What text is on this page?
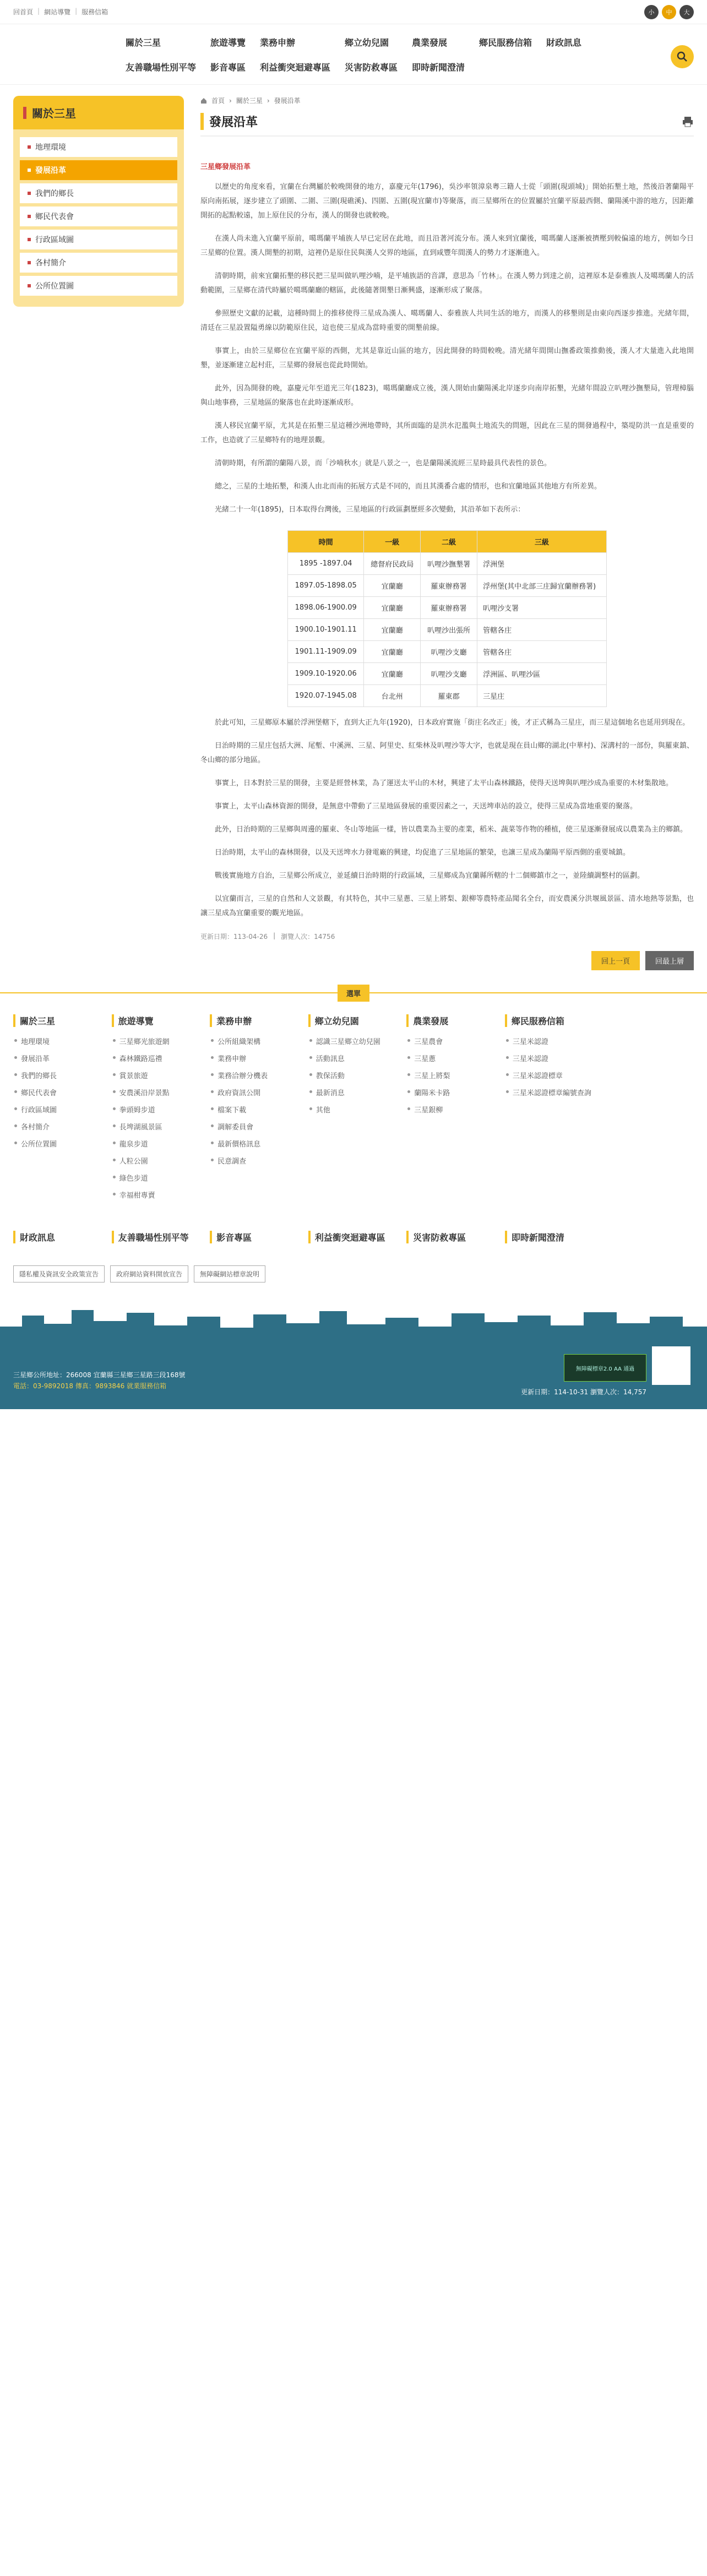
回首頁 | 網站導覽 | 服務信箱	小	中	大
關於三星	旅遊導覽 業務申辦	鄉立幼兒園	農業發展	鄉民服務信箱 財政訊息
友善職場性別平等 影音專區 利益衝突迴避專區 災害防救專區 即時新聞澄清
關於三星
地理環境
發展沿革
我們的鄉長
鄉民代表會
行政區域圖
各村簡介
公所位置圖
首頁 › 關於三星 › 發展沿革
發展沿革
三星鄉發展沿革

以歷史的角度來看，宜蘭在台灣屬於較晚開發的地方，嘉慶元年(1796)，吳沙率領漳泉粵三籍人士從「頭圍(現頭城)」開始拓墾土地，然後沿著蘭陽平原向南拓展，逐步建立了頭圍、二圍、三圍(現礁溪)、四圍、五圍(現宜蘭市)等聚落，而三星鄉所在的位置屬於宜蘭平原最西側、蘭陽溪中游的地方，因距離開拓的起點較遠，加上原住民的分布，漢人的開發也就較晚。

在漢人尚未進入宜蘭平原前，噶瑪蘭平埔族人早已定居在此地，而且沿著河流分布。漢人來到宜蘭後，噶瑪蘭人逐漸被擠壓到較偏遠的地方，例如今日三星鄉的位置。漢人開墾的初期，這裡仍是原住民與漢人交界的地區，直到咸豐年間漢人的勢力才逐漸進入。

清朝時期，前來宜蘭拓墾的移民把三星叫做叭哩沙喃，是平埔族語的音譯，意思為「竹林」。在漢人勢力到達之前，這裡原本是泰雅族人及噶瑪蘭人的活動範圍，三星鄉在清代時屬於噶瑪蘭廳的轄區，此後隨著開墾日漸興盛，逐漸形成了聚落。

參照歷史文獻的記載，這種時間上的推移使得三星成為漢人、噶瑪蘭人、泰雅族人共同生活的地方，而漢人的移墾則是由東向西逐步推進。光緒年間，清廷在三星設置隘勇線以防範原住民，這也使三星成為當時重要的開墾前線。

事實上，由於三星鄉位在宜蘭平原的西側，尤其是靠近山區的地方，因此開發的時間較晚。清光緒年間開山撫番政策推動後，漢人才大量進入此地開墾，並逐漸建立起村莊，三星鄉的發展也從此時開始。

此外，因為開發的晚，嘉慶元年至道光三年(1823)，噶瑪蘭廳成立後，漢人開始由蘭陽溪北岸逐步向南岸拓墾，光緒年間設立叭哩沙撫墾局，管理樟腦與山地事務，三星地區的聚落也在此時逐漸成形。

漢人移民宜蘭平原，尤其是在拓墾三星這種沙洲地帶時，其所面臨的是洪水氾濫與土地流失的問題，因此在三星的開發過程中，築堤防洪一直是重要的工作，也造就了三星鄉特有的地理景觀。

清朝時期，有所謂的蘭陽八景，而「沙喃秋水」就是八景之一，也是蘭陽溪流經三星時最具代表性的景色。

總之，三星的土地拓墾，和漢人由北而南的拓展方式是不同的，而且其漢番合處的情形，也和宜蘭地區其他地方有所差異。

光緒二十一年(1895)，日本取得台灣後，三星地區的行政區劃歷經多次變動，其沿革如下表所示：

時間	一級	二級	三級
1895 -1897.04	總督府民政局	叭哩沙撫墾署	浮洲堡
1897.05-1898.05	宜蘭廳	羅東辦務署	浮州堡(其中北部三庄歸宜蘭辦務署)
1898.06-1900.09	宜蘭廳	羅東辦務署	叭哩沙支署
1900.10-1901.11	宜蘭廳	叭哩沙出張所	管轄各庄
1901.11-1909.09	宜蘭廳	叭哩沙支廳	管轄各庄
1909.10-1920.06	宜蘭廳	叭哩沙支廳	浮洲區、叭哩沙區
1920.07-1945.08	台北州	羅東郡	三星庄

於此可知，三星鄉原本屬於浮洲堡轄下，直到大正九年(1920)，日本政府實施「街庄名改正」後，才正式稱為三星庄，而三星這個地名也延用到現在。

日治時期的三星庄包括大洲、尾塹、中溪洲、三星、阿里史、紅柴林及叭哩沙等大字，也就是現在員山鄉的湖北(中華村)、深溝村的一部份，與羅東鎮、冬山鄉的部分地區。

事實上，日本對於三星的開發，主要是經營林業，為了運送太平山的木材，興建了太平山森林鐵路，使得天送埤與叭哩沙成為重要的木材集散地。

事實上，太平山森林資源的開發，是無意中帶動了三星地區發展的重要因素之一，天送埤車站的設立，使得三星成為當地重要的聚落。

此外，日治時期的三星鄉與周邊的羅東、冬山等地區一樣，皆以農業為主要的產業，稻米、蔬菜等作物的種植，使三星逐漸發展成以農業為主的鄉鎮。

日治時期，太平山的森林開發，以及天送埤水力發電廠的興建，均促進了三星地區的繁榮，也讓三星成為蘭陽平原西側的重要城鎮。

戰後實施地方自治，三星鄉公所成立，並延續日治時期的行政區域，三星鄉成為宜蘭縣所轄的十二個鄉鎮市之一，並陸續調整村的區劃。

以宜蘭而言，三星的自然和人文景觀，有其特色，其中三星蔥、三星上將梨、銀柳等農特產品聞名全台，而安農溪分洪堰風景區、清水地熱等景點，也讓三星成為宜蘭重要的觀光地區。

更新日期：113-04-26 | 瀏覽人次：14756
回上一頁	回最上層
選單
關於三星
地理環境
發展沿革
我們的鄉長
鄉民代表會
行政區域圖
各村簡介
公所位置圖
旅遊導覽
三星鄉光旅遊網
森林鐵路巡禮
賞景旅遊
安農溪沿岸景點
拳頭姆步道
長埤湖風景區
龍泉步道
人粒公園
綠色步道
幸福柑專賣
業務申辦
公所組織架構
業務申辦
業務洽辦分機表
政府資訊公開
檔案下載
調解委員會
最新價格訊息
民意調查
鄉立幼兒園
認識三星鄉立幼兒園
活動訊息
教保活動
最新消息
其他
農業發展
三星農會
三星蔥
三星上將梨
蘭陽米卡路
三星銀柳
鄉民服務信箱
三星米認證
三星米認證
三星米認證標章
三星米認證標章編號查詢
財政訊息	友善職場性別平等	影音專區	利益衝突迴避專區	災害防救專區	即時新聞澄清
隱私權及資訊安全政策宣告	政府網站資料開放宣告	無障礙網站標章說明
三星鄉公所地址：266008 宜蘭縣三星鄉三星路三段168號
電話：03-9892018 傳真：9893846 就業服務信箱
無障礙標章2.0 AA 通過
更新日期：114-10-31 瀏覽人次：14,757
